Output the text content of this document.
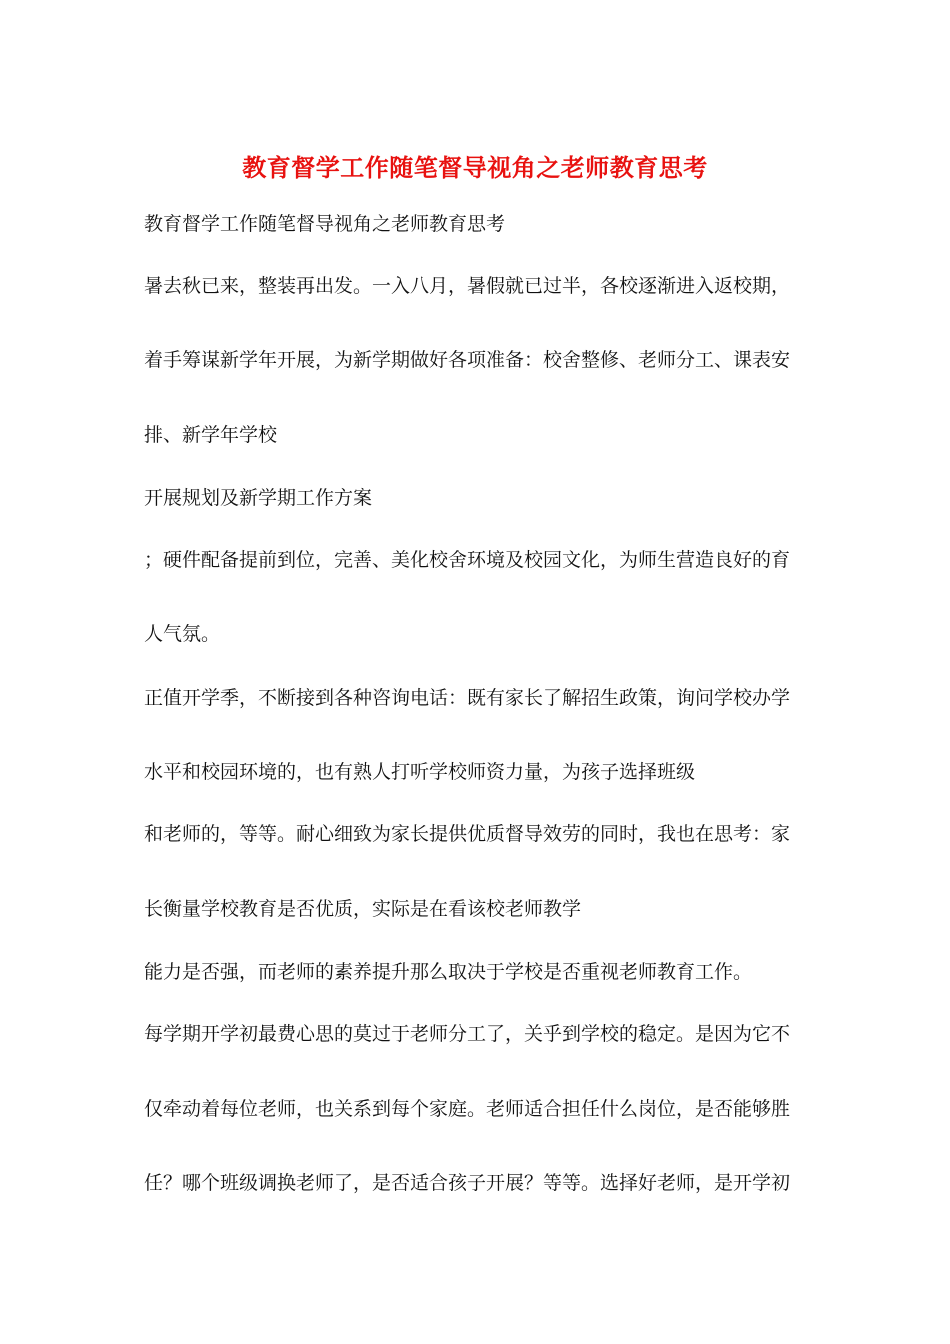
教育督学工作随笔督导视角之老师教育思考
教育督学工作随笔督导视角之老师教育思考
暑去秋已来，整装再出发。一入八月，暑假就已过半，各校逐渐进入返校期，
着手筹谋新学年开展，为新学期做好各项准备：校舍整修、老师分工、课表安
排、新学年学校
开展规划及新学期工作方案
；硬件配备提前到位，完善、美化校舍环境及校园文化，为师生营造良好的育
人气氛。
正值开学季，不断接到各种咨询电话：既有家长了解招生政策，询问学校办学
水平和校园环境的，也有熟人打听学校师资力量，为孩子选择班级
和老师的，等等。耐心细致为家长提供优质督导效劳的同时，我也在思考：家
长衡量学校教育是否优质，实际是在看该校老师教学
能力是否强，而老师的素养提升那么取决于学校是否重视老师教育工作。
每学期开学初最费心思的莫过于老师分工了，关乎到学校的稳定。是因为它不
仅牵动着每位老师，也关系到每个家庭。老师适合担任什么岗位，是否能够胜
任？哪个班级调换老师了，是否适合孩子开展？等等。选择好老师，是开学初
